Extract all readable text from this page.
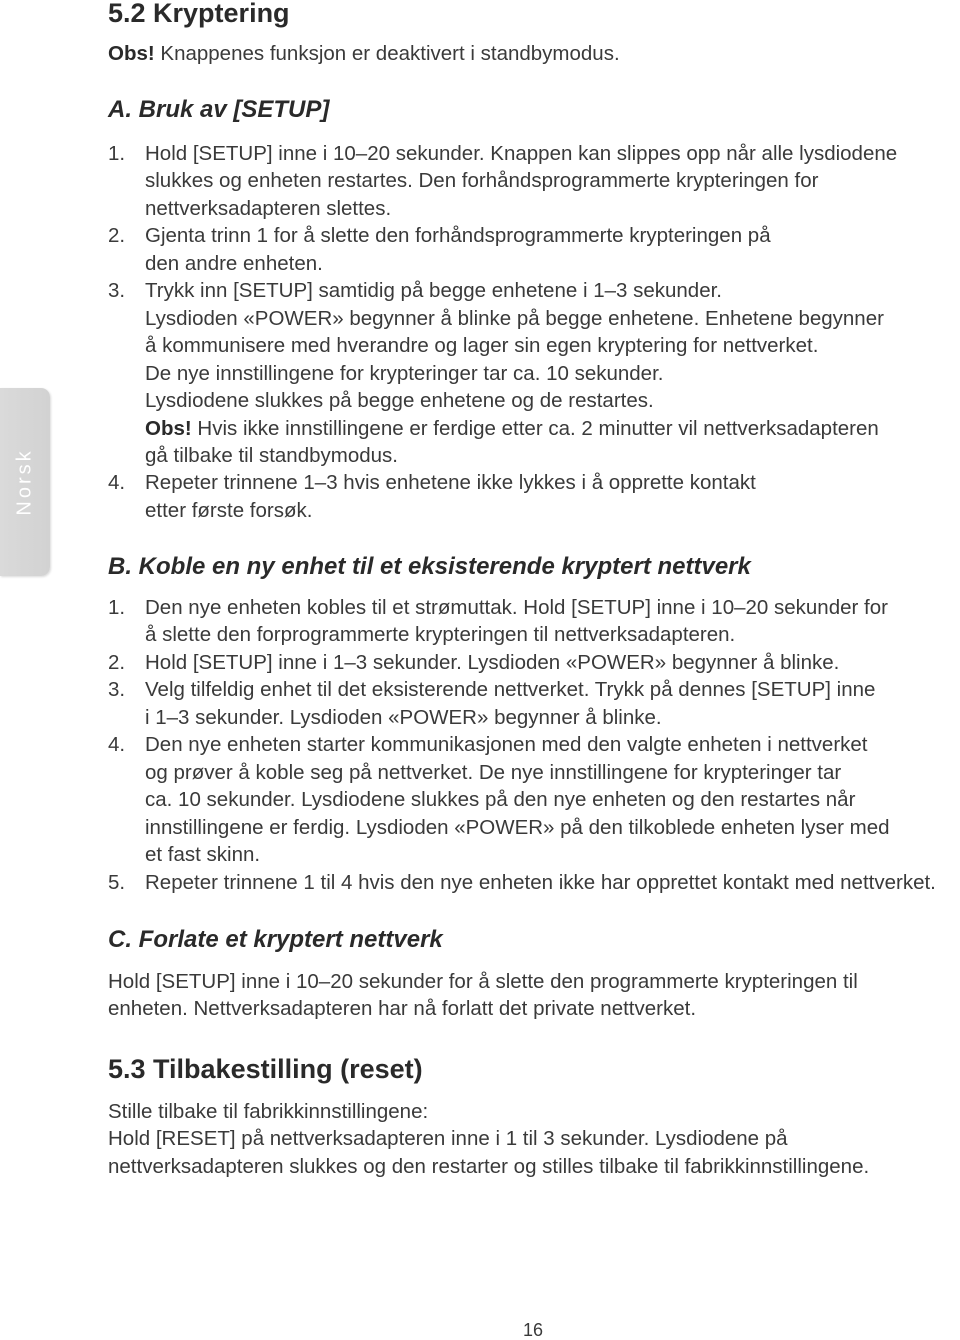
Norsk
5.2 Kryptering
Obs! Knappenes funksjon er deaktivert i standbymodus.
A. Bruk av [SETUP]
1. Hold [SETUP] inne i 10–20 sekunder. Knappen kan slippes opp når alle lysdiodene
slukkes og enheten restartes. Den forhåndsprogrammerte krypteringen for
nettverksadapteren slettes.
2. Gjenta trinn 1 for å slette den forhåndsprogrammerte krypteringen på
den andre enheten.
3. Trykk inn [SETUP] samtidig på begge enhetene i 1–3 sekunder.
Lysdioden «POWER» begynner å blinke på begge enhetene. Enhetene begynner
å kommunisere med hverandre og lager sin egen kryptering for nettverket.
De nye innstillingene for krypteringer tar ca. 10 sekunder.
Lysdiodene slukkes på begge enhetene og de restartes.
Obs! Hvis ikke innstillingene er ferdige etter ca. 2 minutter vil nettverksadapteren
gå tilbake til standbymodus.
4. Repeter trinnene 1–3 hvis enhetene ikke lykkes i å opprette kontakt
etter første forsøk.
B. Koble en ny enhet til et eksisterende kryptert nettverk
1. Den nye enheten kobles til et strømuttak. Hold [SETUP] inne i 10–20 sekunder for
å slette den forprogrammerte krypteringen til nettverksadapteren.
2. Hold [SETUP] inne i 1–3 sekunder. Lysdioden «POWER» begynner å blinke.
3. Velg tilfeldig enhet til det eksisterende nettverket. Trykk på dennes [SETUP] inne
i 1–3 sekunder. Lysdioden «POWER» begynner å blinke.
4. Den nye enheten starter kommunikasjonen med den valgte enheten i nettverket
og prøver å koble seg på nettverket. De nye innstillingene for krypteringer tar
ca. 10 sekunder. Lysdiodene slukkes på den nye enheten og den restartes når
innstillingene er ferdig. Lysdioden «POWER» på den tilkoblede enheten lyser med
et fast skinn.
5. Repeter trinnene 1 til 4 hvis den nye enheten ikke har opprettet kontakt med nettverket.
C. Forlate et kryptert nettverk
Hold [SETUP] inne i 10–20 sekunder for å slette den programmerte krypteringen til
enheten. Nettverksadapteren har nå forlatt det private nettverket.
5.3 Tilbakestilling (reset)
Stille tilbake til fabrikkinnstillingene:
Hold [RESET] på nettverksadapteren inne i 1 til 3 sekunder. Lysdiodene på
nettverksadapteren slukkes og den restarter og stilles tilbake til fabrikkinnstillingene.
16
